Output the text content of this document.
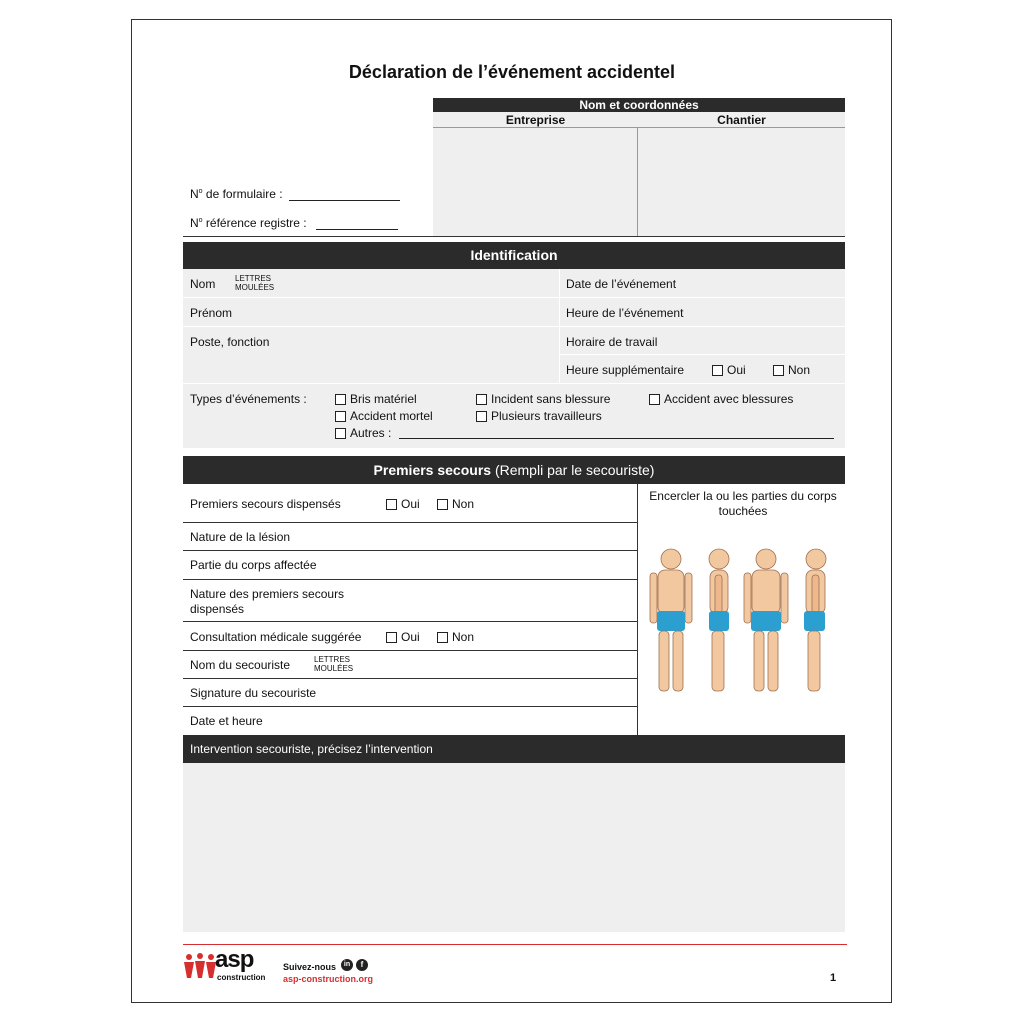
Déclaration de l’événement accidentel
Nom et coordonnées
Entreprise	Chantier
$N^o$ de formulaire :
$N^o$ référence registre :
Identification
Nom LETTRES
MOULÉES
Prénom
Poste, fonction
Date de l’événement
Heure de l’événement
Horaire de travail
Heure supplémentaire	Oui	Non
Types d’événements :	Bris matériel	Incident sans blessure	Accident avec blessures
Accident mortel	Plusieurs travailleurs
Autres :
Premiers secours (Rempli par le secouriste)
Premiers secours dispensés	Oui	Non
Nature de la lésion
Partie du corps affectée
Nature des premiers secours
dispensés
Consultation médicale suggérée	Oui	Non
Nom du secouriste	LETTRES
MOULÉES
Signature du secouriste
Date et heure
Encercler la ou les parties du corps touchées
Intervention secouriste, précisez l’intervention
asp
construction
Suivez-nous	in	f
asp-construction.org	1
